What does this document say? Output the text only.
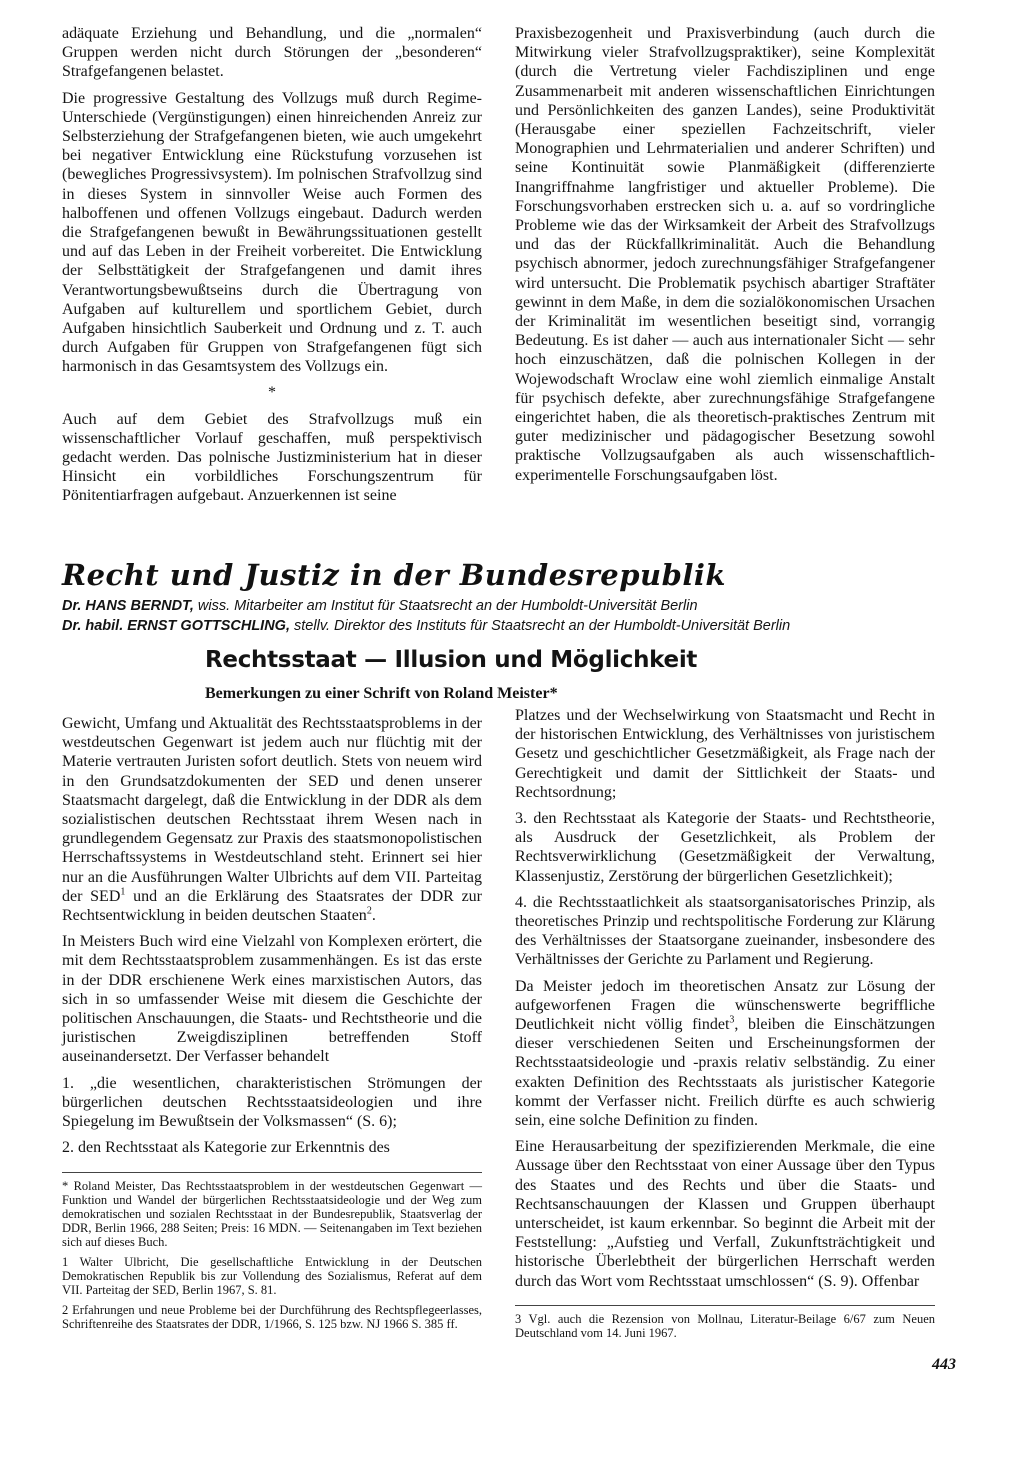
adäquate Erziehung und Behandlung, und die „normalen“ Gruppen werden nicht durch Störungen der „besonderen“ Strafgefangenen belastet.

Die progressive Gestaltung des Vollzugs muß durch Regime-Unterschiede (Vergünstigungen) einen hinreichenden Anreiz zur Selbsterziehung der Strafgefangenen bieten, wie auch umgekehrt bei negativer Entwicklung eine Rückstufung vorzusehen ist (bewegliches Progressivsystem). Im polnischen Strafvollzug sind in dieses System in sinnvoller Weise auch Formen des halboffenen und offenen Vollzugs eingebaut. Dadurch werden die Strafgefangenen bewußt in Bewährungssituationen gestellt und auf das Leben in der Freiheit vorbereitet. Die Entwicklung der Selbsttätigkeit der Strafgefangenen und damit ihres Verantwortungsbewußtseins durch die Übertragung von Aufgaben auf kulturellem und sportlichem Gebiet, durch Aufgaben hinsichtlich Sauberkeit und Ordnung und z. T. auch durch Aufgaben für Gruppen von Strafgefangenen fügt sich harmonisch in das Gesamtsystem des Vollzugs ein.

*

Auch auf dem Gebiet des Strafvollzugs muß ein wissenschaftlicher Vorlauf geschaffen, muß perspektivisch gedacht werden. Das polnische Justizministerium hat in dieser Hinsicht ein vorbildliches Forschungszentrum für Pönitentiarfragen aufgebaut. Anzuerkennen ist seine

Praxisbezogenheit und Praxisverbindung (auch durch die Mitwirkung vieler Strafvollzugspraktiker), seine Komplexität (durch die Vertretung vieler Fachdisziplinen und enge Zusammenarbeit mit anderen wissenschaftlichen Einrichtungen und Persönlichkeiten des ganzen Landes), seine Produktivität (Herausgabe einer speziellen Fachzeitschrift, vieler Monographien und Lehrmaterialien und anderer Schriften) und seine Kontinuität sowie Planmäßigkeit (differenzierte Inangriffnahme langfristiger und aktueller Probleme). Die Forschungsvorhaben erstrecken sich u. a. auf so vordringliche Probleme wie das der Wirksamkeit der Arbeit des Strafvollzugs und das der Rückfallkriminalität. Auch die Behandlung psychisch abnormer, jedoch zurechnungsfähiger Strafgefangener wird untersucht. Die Problematik psychisch abartiger Straftäter gewinnt in dem Maße, in dem die sozialökonomischen Ursachen der Kriminalität im wesentlichen beseitigt sind, vorrangig Bedeutung. Es ist daher — auch aus internationaler Sicht — sehr hoch einzuschätzen, daß die polnischen Kollegen in der Wojewodschaft Wroclaw eine wohl ziemlich einmalige Anstalt für psychisch defekte, aber zurechnungsfähige Strafgefangene eingerichtet haben, die als theoretisch-praktisches Zentrum mit guter medizinischer und pädagogischer Besetzung sowohl praktische Vollzugsaufgaben als auch wissenschaftlich-experimentelle Forschungsaufgaben löst.

Recht und Justiz in der Bundesrepublik
Dr. HANS BERNDT, wiss. Mitarbeiter am Institut für Staatsrecht an der Humboldt-Universität Berlin
Dr. habil. ERNST GOTTSCHLING, stellv. Direktor des Instituts für Staatsrecht an der Humboldt-Universität Berlin
Rechtsstaat — Illusion und Möglichkeit
Bemerkungen zu einer Schrift von Roland Meister*

Gewicht, Umfang und Aktualität des Rechtsstaatsproblems in der westdeutschen Gegenwart ist jedem auch nur flüchtig mit der Materie vertrauten Juristen sofort deutlich. Stets von neuem wird in den Grundsatzdokumenten der SED und denen unserer Staatsmacht dargelegt, daß die Entwicklung in der DDR als dem sozialistischen deutschen Rechtsstaat ihrem Wesen nach in grundlegendem Gegensatz zur Praxis des staatsmonopolistischen Herrschaftssystems in Westdeutschland steht. Erinnert sei hier nur an die Ausführungen Walter Ulbrichts auf dem VII. Parteitag der SED$^1$ und an die Erklärung des Staatsrates der DDR zur Rechtsentwicklung in beiden deutschen Staaten$^2$.

In Meisters Buch wird eine Vielzahl von Komplexen erörtert, die mit dem Rechtsstaatsproblem zusammenhängen. Es ist das erste in der DDR erschienene Werk eines marxistischen Autors, das sich in so umfassender Weise mit diesem die Geschichte der politischen Anschauungen, die Staats- und Rechtstheorie und die juristischen Zweigdisziplinen betreffenden Stoff auseinandersetzt. Der Verfasser behandelt

1. „die wesentlichen, charakteristischen Strömungen der bürgerlichen deutschen Rechtsstaatsideologien und ihre Spiegelung im Bewußtsein der Volksmassen“ (S. 6);

2. den Rechtsstaat als Kategorie zur Erkenntnis des

* Roland Meister, Das Rechtsstaatsproblem in der westdeutschen Gegenwart — Funktion und Wandel der bürgerlichen Rechtsstaatsideologie und der Weg zum demokratischen und sozialen Rechtsstaat in der Bundesrepublik, Staatsverlag der DDR, Berlin 1966, 288 Seiten; Preis: 16 MDN. — Seitenangaben im Text beziehen sich auf dieses Buch.

1 Walter Ulbricht, Die gesellschaftliche Entwicklung in der Deutschen Demokratischen Republik bis zur Vollendung des Sozialismus, Referat auf dem VII. Parteitag der SED, Berlin 1967, S. 81.

2 Erfahrungen und neue Probleme bei der Durchführung des Rechtspflegeerlasses, Schriftenreihe des Staatsrates der DDR, 1/1966, S. 125 bzw. NJ 1966 S. 385 ff.

Platzes und der Wechselwirkung von Staatsmacht und Recht in der historischen Entwicklung, des Verhältnisses von juristischem Gesetz und geschichtlicher Gesetzmäßigkeit, als Frage nach der Gerechtigkeit und damit der Sittlichkeit der Staats- und Rechtsordnung;

3. den Rechtsstaat als Kategorie der Staats- und Rechtstheorie, als Ausdruck der Gesetzlichkeit, als Problem der Rechtsverwirklichung (Gesetzmäßigkeit der Verwaltung, Klassenjustiz, Zerstörung der bürgerlichen Gesetzlichkeit);

4. die Rechtsstaatlichkeit als staatsorganisatorisches Prinzip, als theoretisches Prinzip und rechtspolitische Forderung zur Klärung des Verhältnisses der Staatsorgane zueinander, insbesondere des Verhältnisses der Gerichte zu Parlament und Regierung.

Da Meister jedoch im theoretischen Ansatz zur Lösung der aufgeworfenen Fragen die wünschenswerte begriffliche Deutlichkeit nicht völlig findet$^3$, bleiben die Einschätzungen dieser verschiedenen Seiten und Erscheinungsformen der Rechtsstaatsideologie und -praxis relativ selbständig. Zu einer exakten Definition des Rechtsstaats als juristischer Kategorie kommt der Verfasser nicht. Freilich dürfte es auch schwierig sein, eine solche Definition zu finden.

Eine Herausarbeitung der spezifizierenden Merkmale, die eine Aussage über den Rechtsstaat von einer Aussage über den Typus des Staates und des Rechts und über die Staats- und Rechtsanschauungen der Klassen und Gruppen überhaupt unterscheidet, ist kaum erkennbar. So beginnt die Arbeit mit der Feststellung: „Aufstieg und Verfall, Zukunftsträchtigkeit und historische Überlebtheit der bürgerlichen Herrschaft werden durch das Wort vom Rechtsstaat umschlossen“ (S. 9). Offenbar

3 Vgl. auch die Rezension von Mollnau, Literatur-Beilage 6/67 zum Neuen Deutschland vom 14. Juni 1967.

443
